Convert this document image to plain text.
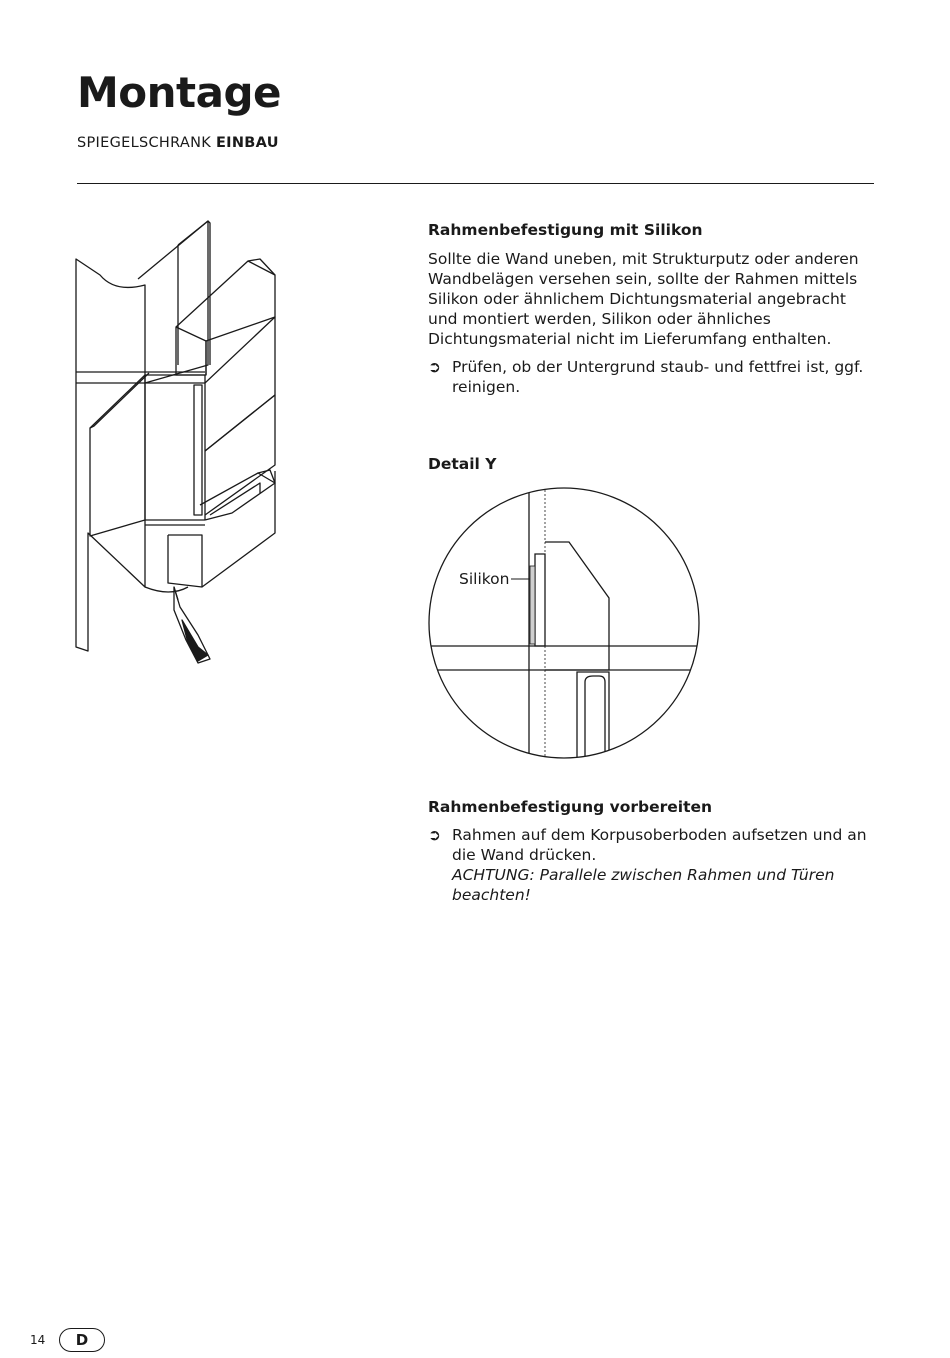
Montage
SPIEGELSCHRANK EINBAU
Rahmenbefestigung mit Silikon
Sollte die Wand uneben, mit Strukturputz oder anderen Wandbelägen versehen sein, sollte der Rahmen mittels Silikon oder ähnlichem Dichtungsmaterial angebracht und montiert werden, Silikon oder ähnliches Dichtungsmaterial nicht im Lieferumfang enthalten.
➲ Prüfen, ob der Untergrund staub- und fettfrei ist, ggf. reinigen.
Detail Y
Silikon
Rahmenbefestigung vorbereiten
➲ Rahmen auf dem Korpusoberboden aufsetzen und an die Wand drücken.
ACHTUNG: Parallele zwischen Rahmen und Türen beachten!
14	D
